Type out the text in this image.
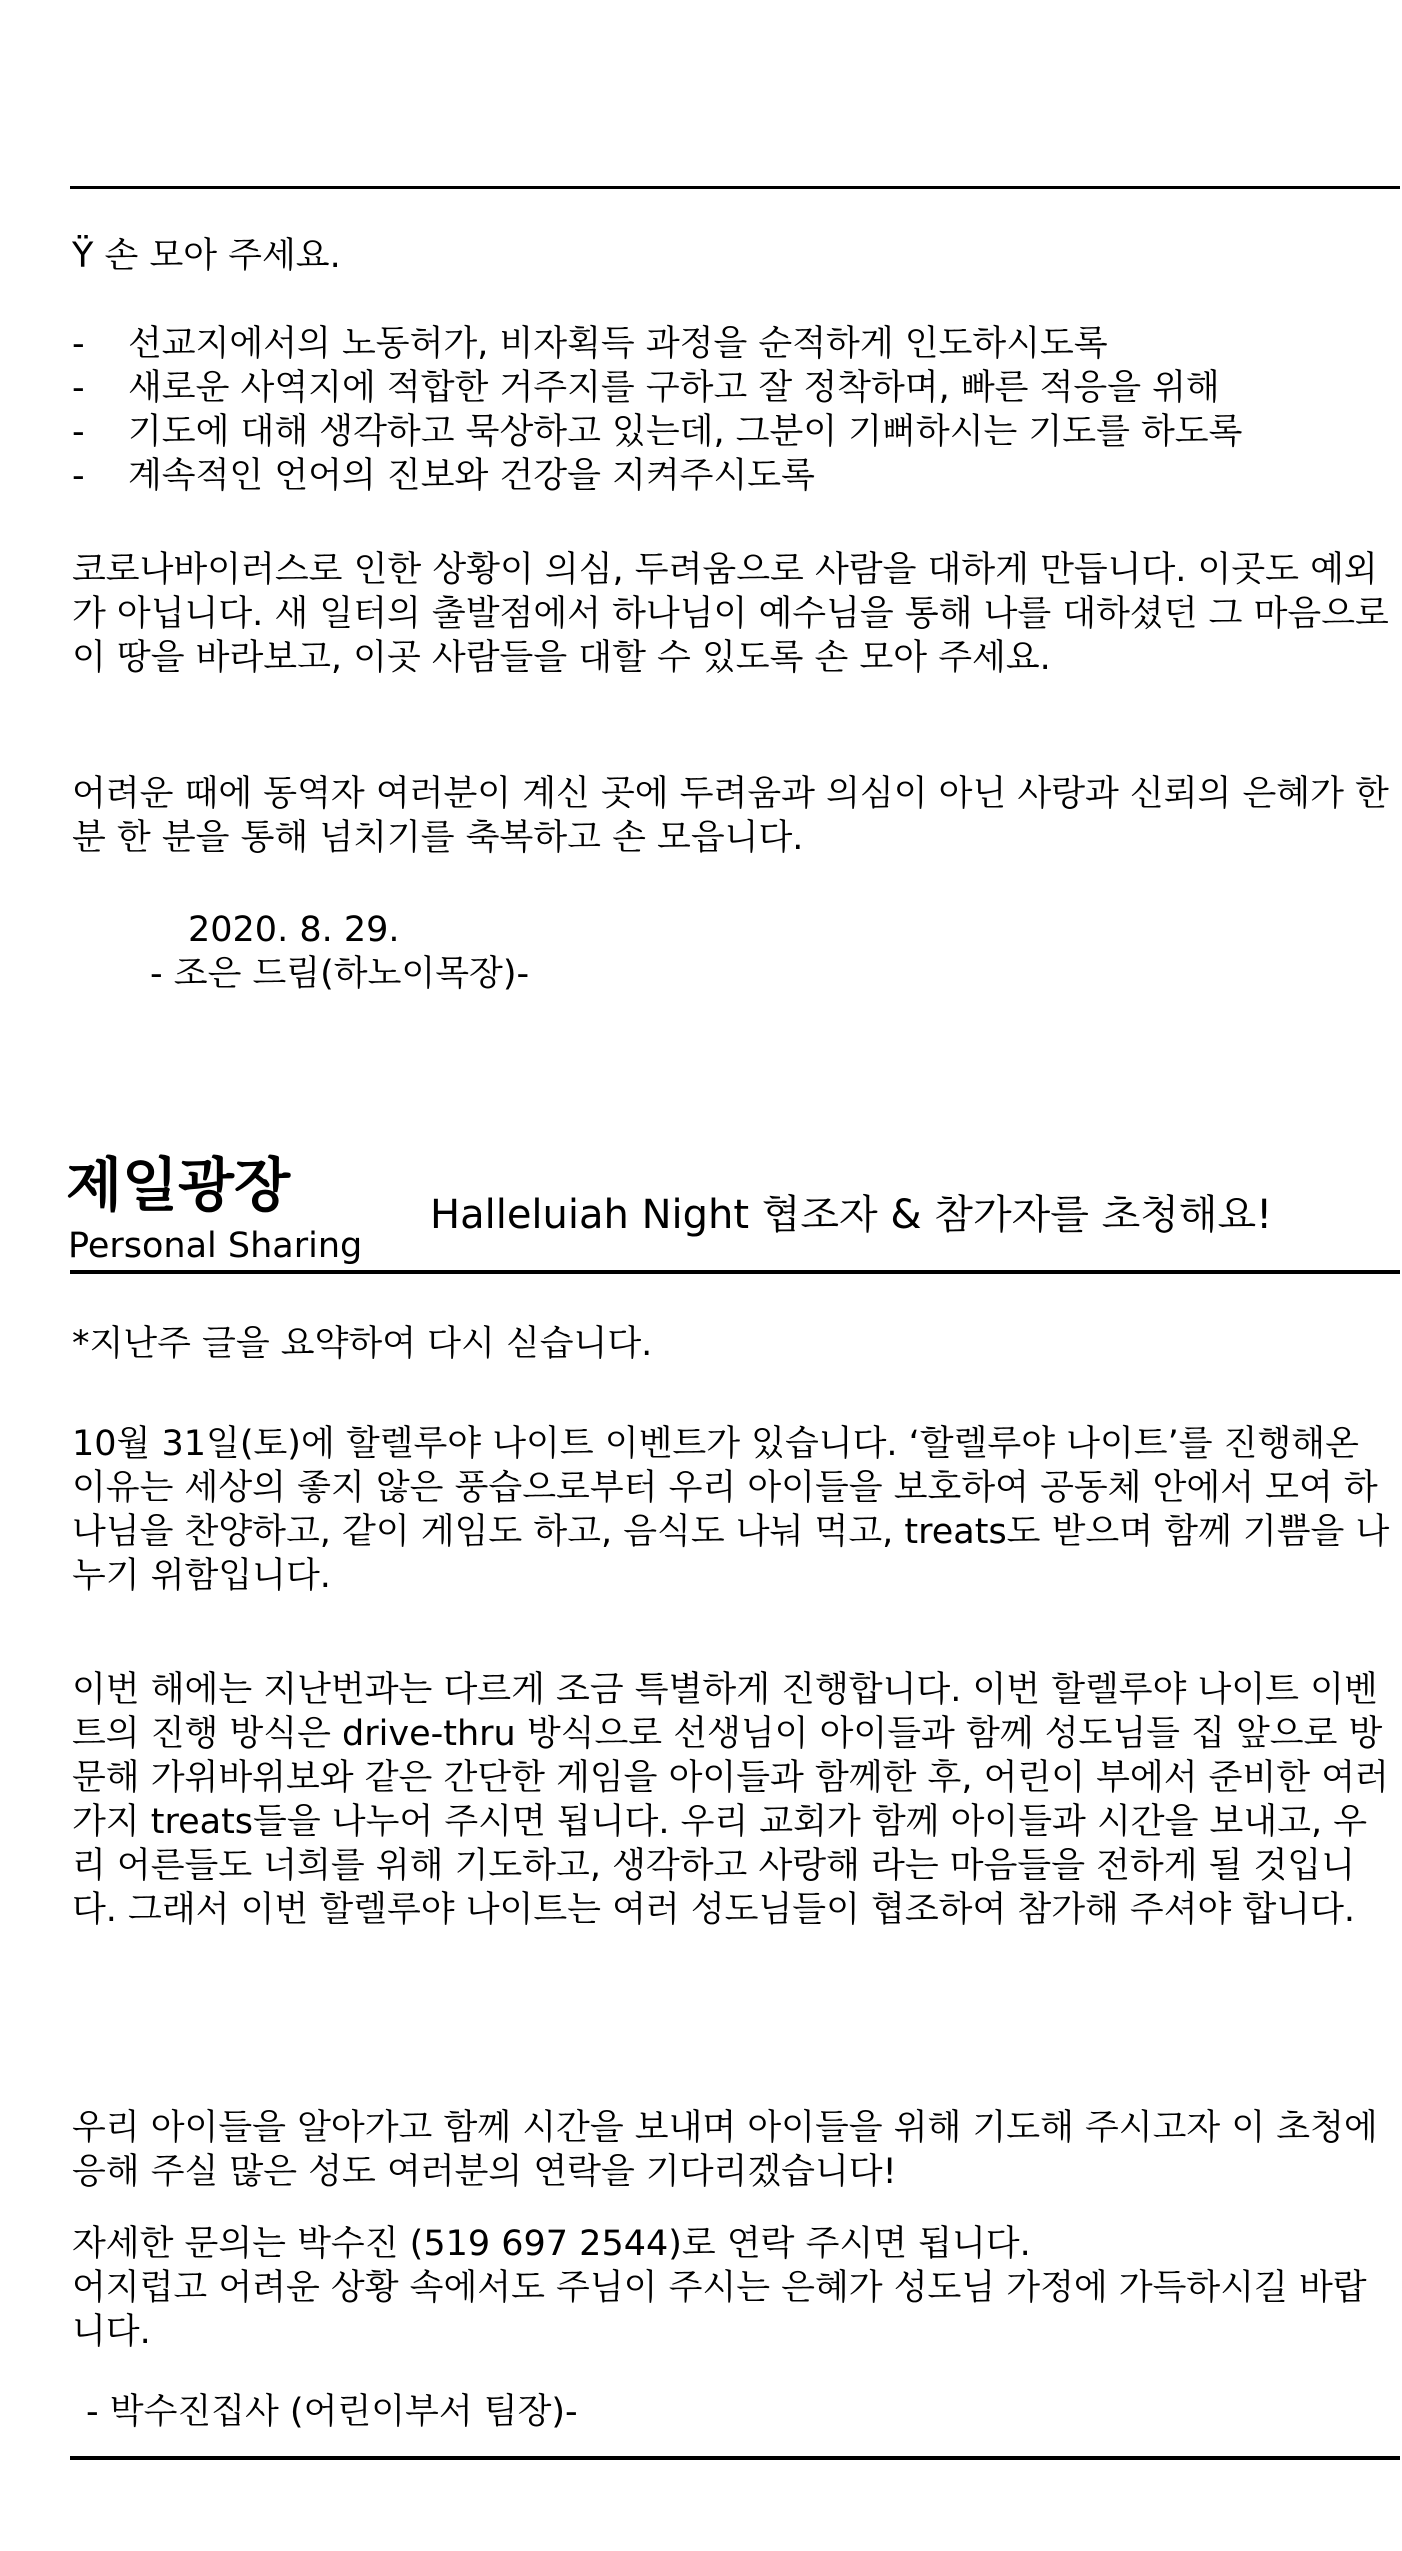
Ÿ 손 모아 주세요.

-	선교지에서의 노동허가, 비자획득 과정을 순적하게 인도하시도록
-	새로운 사역지에 적합한 거주지를 구하고 잘 정착하며, 빠른 적응을 위해
-	기도에 대해 생각하고 묵상하고 있는데, 그분이 기뻐하시는 기도를 하도록
-	계속적인 언어의 진보와 건강을 지켜주시도록

코로나바이러스로 인한 상황이 의심, 두려움으로 사람을 대하게 만듭니다. 이곳도 예외가 아닙니다. 새 일터의 출발점에서 하나님이 예수님을 통해 나를 대하셨던 그 마음으로 이 땅을 바라보고, 이곳 사람들을 대할 수 있도록 손 모아 주세요.

어려운 때에 동역자 여러분이 계신 곳에 두려움과 의심이 아닌 사랑과 신뢰의 은혜가 한 분 한 분을 통해 넘치기를 축복하고 손 모읍니다.

2020. 8. 29.
- 조은 드림(하노이목장)-
제일광장
Personal Sharing
Halleluiah Night 협조자 & 참가자를 초청해요!

*지난주 글을 요약하여 다시 싣습니다.

10월 31일(토)에 할렐루야 나이트 이벤트가 있습니다. ‘할렐루야 나이트’를 진행해온 이유는 세상의 좋지 않은 풍습으로부터 우리 아이들을 보호하여 공동체 안에서 모여 하나님을 찬양하고, 같이 게임도 하고, 음식도 나눠 먹고, treats도 받으며 함께 기쁨을 나누기 위함입니다.

이번 해에는 지난번과는 다르게 조금 특별하게 진행합니다. 이번 할렐루야 나이트 이벤트의 진행 방식은 drive-thru 방식으로 선생님이 아이들과 함께 성도님들 집 앞으로 방문해 가위바위보와 같은 간단한 게임을 아이들과 함께한 후, 어린이 부에서 준비한 여러 가지 treats들을 나누어 주시면 됩니다. 우리 교회가 함께 아이들과 시간을 보내고, 우리 어른들도 너희를 위해 기도하고, 생각하고 사랑해 라는 마음들을 전하게 될 것입니다. 그래서 이번 할렐루야 나이트는 여러 성도님들이 협조하여 참가해 주셔야 합니다.

우리 아이들을 알아가고 함께 시간을 보내며 아이들을 위해 기도해 주시고자 이 초청에 응해 주실 많은 성도 여러분의 연락을 기다리겠습니다!

자세한 문의는 박수진 (519 697 2544)로 연락 주시면 됩니다.

어지럽고 어려운 상황 속에서도 주님이 주시는 은혜가 성도님 가정에 가득하시길 바랍니다.

- 박수진집사 (어린이부서 팀장)-
